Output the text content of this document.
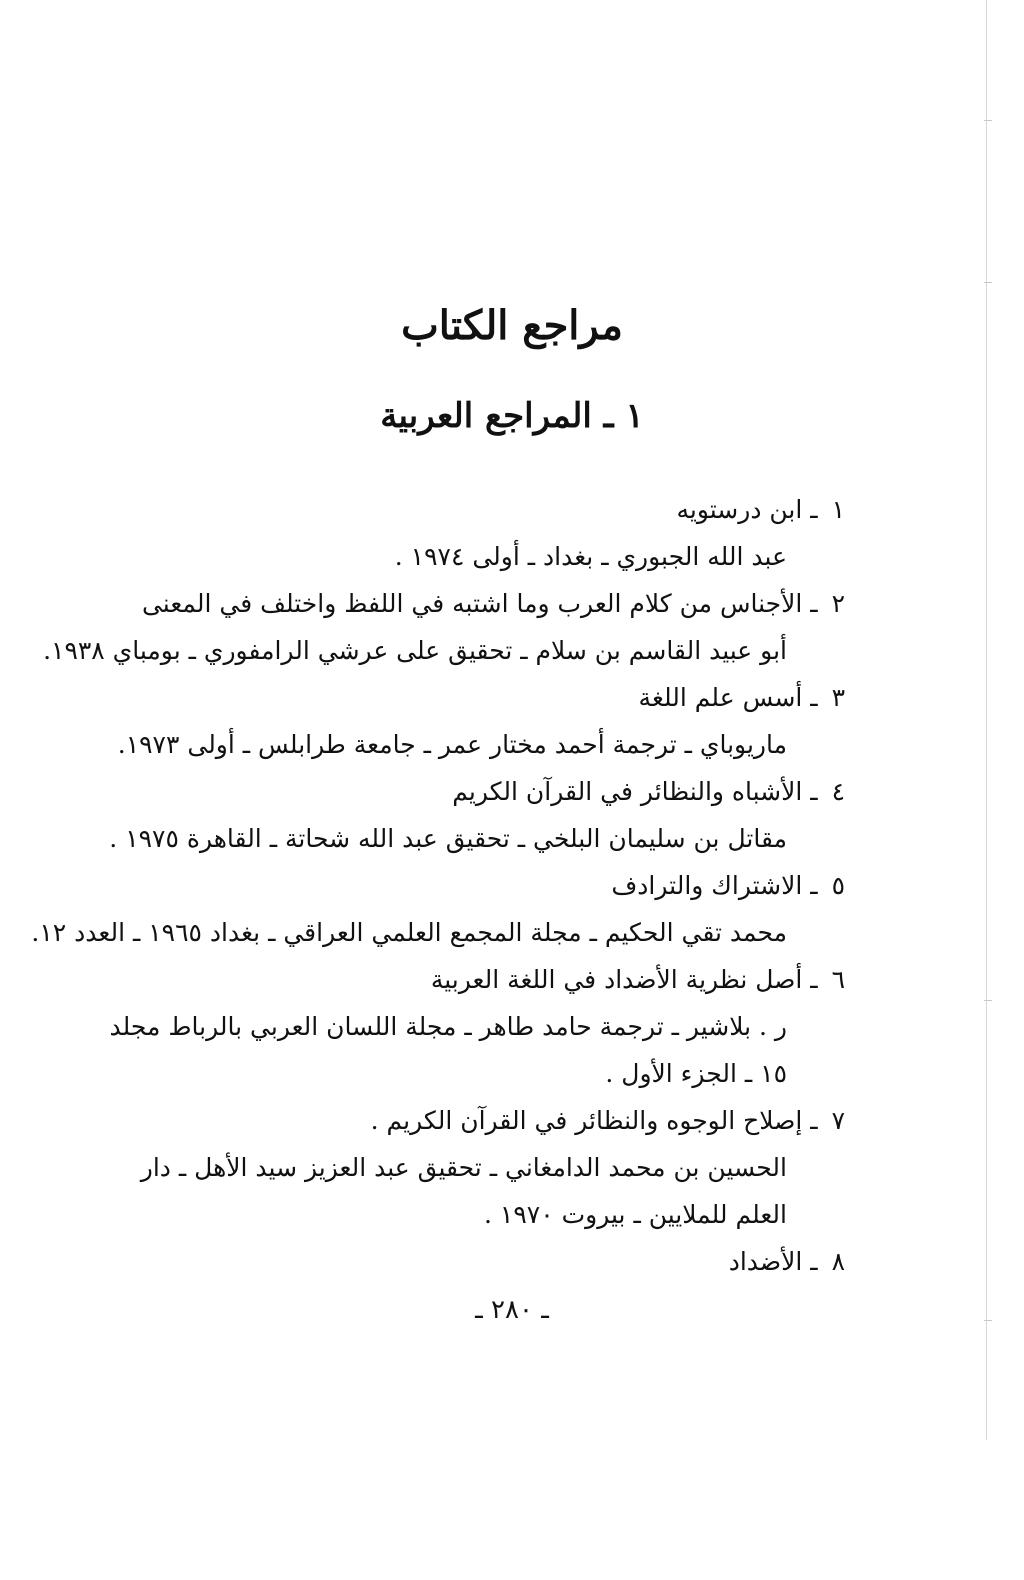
مراجع الكتاب
١ ـ المراجع العربية

١ ـ ابن درستويه

عبد الله الجبوري ـ بغداد ـ أولى ١٩٧٤ .

٢ ـ الأجناس من كلام العرب وما اشتبه في اللفظ واختلف في المعنى

أبو عبيد القاسم بن سلام ـ تحقيق على عرشي الرامفوري ـ بومباي ١٩٣٨.

٣ ـ أسس علم اللغة

ماريوباي ـ ترجمة أحمد مختار عمر ـ جامعة طرابلس ـ أولى ١٩٧٣.

٤ ـ الأشباه والنظائر في القرآن الكريم

مقاتل بن سليمان البلخي ـ تحقيق عبد الله شحاتة ـ القاهرة ١٩٧٥ .

٥ ـ الاشتراك والترادف

محمد تقي الحكيم ـ مجلة المجمع العلمي العراقي ـ بغداد ١٩٦٥ ـ العدد ١٢.

٦ ـ أصل نظرية الأضداد في اللغة العربية

ر . بلاشير ـ ترجمة حامد طاهر ـ مجلة اللسان العربي بالرباط مجلد ١٥ ـ الجزء الأول .

٧ ـ إصلاح الوجوه والنظائر في القرآن الكريم .

الحسين بن محمد الدامغاني ـ تحقيق عبد العزيز سيد الأهل ـ دار العلم للملايين ـ بيروت ١٩٧٠ .

٨ ـ الأضداد

ـ ٢٨٠ ـ
